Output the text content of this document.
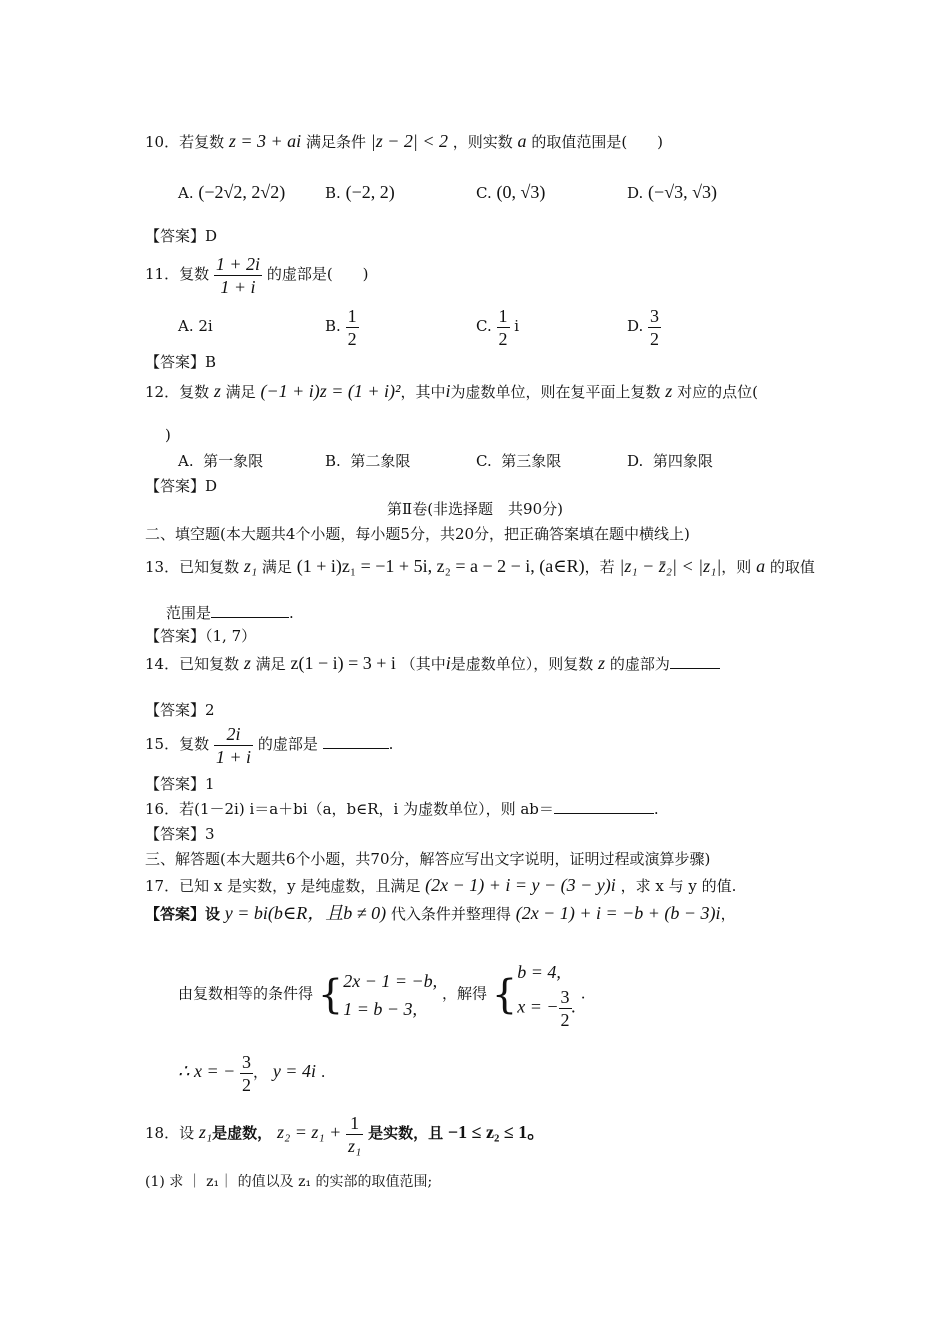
10．若复数 z = 3 + ai 满足条件 |z − 2| < 2 ，则实数 a 的取值范围是(　　)
A. (−2√2, 2√2)	B. (−2, 2)	C. (0, √3)	D. (−√3, √3)
【答案】D
11．复数 $\frac{1 + 2i}{1 + i}$ 的虚部是(　　)
A. 2i	B. $\frac{1}{2}$	C. $\frac{1}{2}$ i	D. $\frac{3}{2}$
【答案】B
12．复数 z 满足 (−1 + i)z = (1 + i)²，其中i为虚数单位，则在复平面上复数 z 对应的点位(
)
A. 第一象限	B. 第二象限	C. 第三象限	D. 第四象限
【答案】D
第Ⅱ卷(非选择题　共90分)
二、填空题(本大题共4个小题，每小题5分，共20分，把正确答案填在题中横线上)
13．已知复数 z₁ 满足 (1 + i)z₁ = −1 + 5i, z₂ = a − 2 − i, (a∈R)，若 |z₁ − z̄₂| < |z₁|，则 a 的取值
范围是	.
【答案】（1, 7）
14．已知复数 z 满足 z(1 − i) = 3 + i （其中i是虚数单位），则复数 z 的虚部为
【答案】2
15．复数 $\frac{2i}{1 + i}$ 的虚部是	.
【答案】1
16．若(1－2i) i＝a＋bi（a，b∈R，i 为虚数单位），则 ab＝	.
【答案】3
三、解答题(本大题共6个小题，共70分，解答应写出文字说明，证明过程或演算步骤)
17．已知 x 是实数，y 是纯虚数，且满足 (2x − 1) + i = y − (3 − y)i ，求 x 与 y 的值.
【答案】设 y = bi(b∈R，且b ≠ 0) 代入条件并整理得 (2x − 1) + i = −b + (b − 3)i，
由复数相等的条件得 { 2x − 1 = −b,
1 = b − 3,
，解得 { b = 4,
x = − $\frac{3}{2}$ .
.
∴ x = − $\frac{3}{2}$ ， y = 4i .
18．设 z₁是虚数， $z_2 = z_1 + \frac{1}{\text{z₁}}$ 是实数，且 −1 ≤ z₂ ≤ 1。
(1) 求 ｜ z₁｜ 的值以及 z₁ 的实部的取值范围;
